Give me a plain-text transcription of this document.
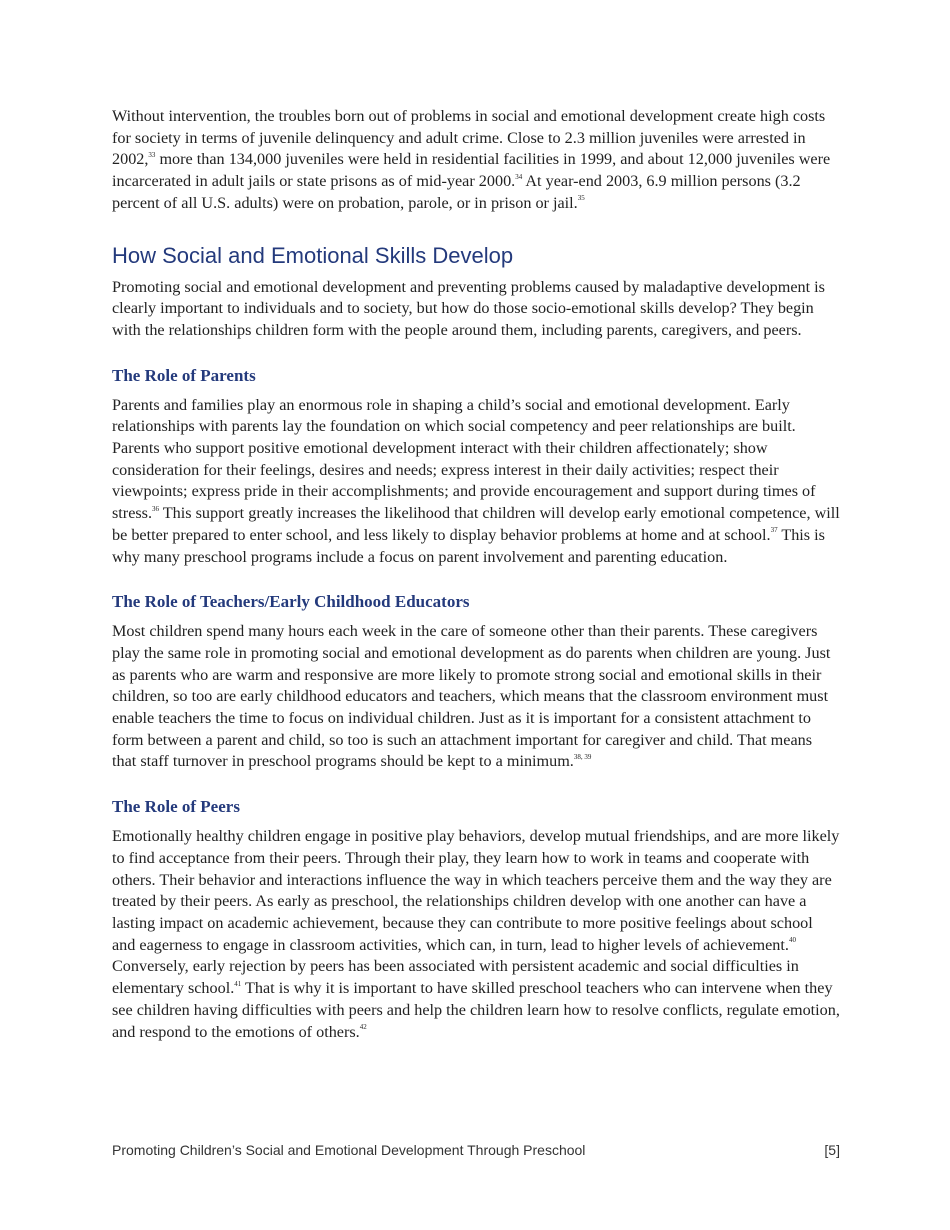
Without intervention, the troubles born out of problems in social and emotional development create high costs for society in terms of juvenile delinquency and adult crime. Close to 2.3 million juveniles were arrested in 2002,33 more than 134,000 juveniles were held in residential facilities in 1999, and about 12,000 juveniles were incarcerated in adult jails or state prisons as of mid-year 2000.34 At year-end 2003, 6.9 million persons (3.2 percent of all U.S. adults) were on probation, parole, or in prison or jail.$^{35}$

How Social and Emotional Skills Develop

Promoting social and emotional development and preventing problems caused by maladaptive development is clearly important to individuals and to society, but how do those socio-emotional skills develop? They begin with the relationships children form with the people around them, including parents, caregivers, and peers.

The Role of Parents

Parents and families play an enormous role in shaping a child’s social and emotional development. Early relationships with parents lay the foundation on which social competency and peer relationships are built. Parents who support positive emotional development interact with their children affectionately; show consideration for their feelings, desires and needs; express interest in their daily activities; respect their viewpoints; express pride in their accomplishments; and provide encouragement and support during times of stress.$^{36}$ This support greatly increases the likelihood that children will develop early emotional competence, will be better prepared to enter school, and less likely to display behavior problems at home and at school.$^{37}$ This is why many preschool programs include a focus on parent involvement and parenting education.

The Role of Teachers/Early Childhood Educators

Most children spend many hours each week in the care of someone other than their parents. These caregivers play the same role in promoting social and emotional development as do parents when children are young. Just as parents who are warm and responsive are more likely to promote strong social and emotional skills in their children, so too are early childhood educators and teachers, which means that the classroom environment must enable teachers the time to focus on individual children. Just as it is important for a consistent attachment to form between a parent and child, so too is such an attachment important for caregiver and child. That means that staff turnover in preschool programs should be kept to a minimum.$^{38, 39}$

The Role of Peers

Emotionally healthy children engage in positive play behaviors, develop mutual friendships, and are more likely to find acceptance from their peers. Through their play, they learn how to work in teams and cooperate with others. Their behavior and interactions influence the way in which teachers perceive them and the way they are treated by their peers. As early as preschool, the relationships children develop with one another can have a lasting impact on academic achievement, because they can contribute to more positive feelings about school and eagerness to engage in classroom activities, which can, in turn, lead to higher levels of achievement.$^{40}$ Conversely, early rejection by peers has been associated with persistent academic and social difficulties in elementary school.$^{41}$ That is why it is important to have skilled preschool teachers who can intervene when they see children having difficulties with peers and help the children learn how to resolve conflicts, regulate emotion, and respond to the emotions of others.$^{42}$

Promoting Children’s Social and Emotional Development Through Preschool	[5]
